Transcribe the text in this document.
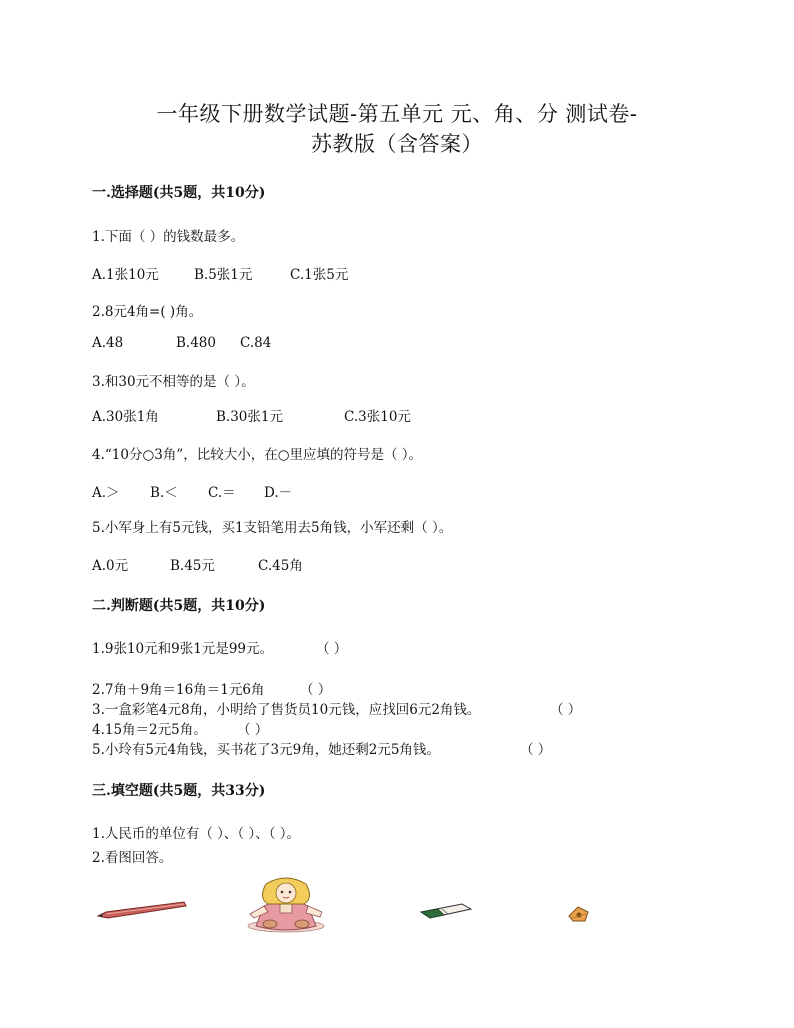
一年级下册数学试题-第五单元 元、角、分 测试卷-
苏教版（含答案）
一.选择题(共5题，共10分)
1.下面（ ）的钱数最多。
A.1张10元	B.5张1元	C.1张5元
2.8元4角=( )角。
A.48	B.480 C.84
3.和30元不相等的是（ ）。
A.30张1角	B.30张1元	C.3张10元
4.“10分○3角”，比较大小，在○里应填的符号是（ ）。
A.＞ B.＜ C.＝ D.－
5.小军身上有5元钱，买1支铅笔用去5角钱，小军还剩（ ）。
A.0元	B.45元	C.45角
二.判断题(共5题，共10分)
1.9张10元和9张1元是99元。	（ ）
2.7角＋9角＝16角＝1元6角	（ ）
3.一盒彩笔4元8角，小明给了售货员10元钱，应找回6元2角钱。	（ ）
4.15角＝2元5角。 （ ）
5.小玲有5元4角钱，买书花了3元9角，她还剩2元5角钱。	（ ）
三.填空题(共5题，共33分)
1.人民币的单位有（ ）、（ ）、（ ）。
2.看图回答。
